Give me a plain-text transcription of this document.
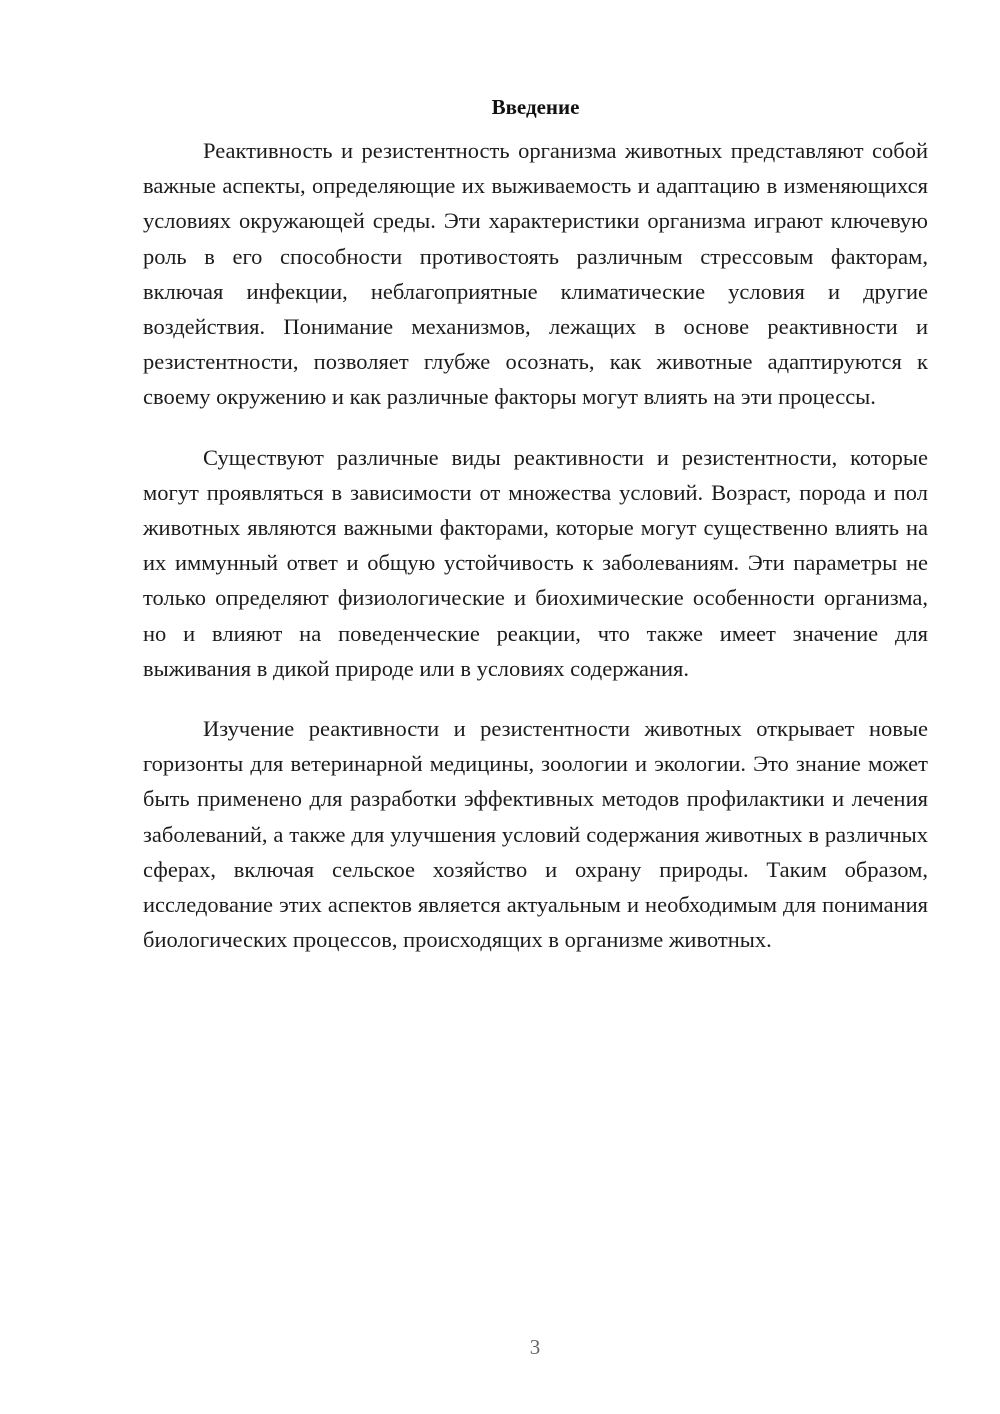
Введение

Реактивность и резистентность организма животных представляют собой важные аспекты, определяющие их выживаемость и адаптацию в изменяющихся условиях окружающей среды. Эти характеристики организма играют ключевую роль в его способности противостоять различным стрессовым факторам, включая инфекции, неблагоприятные климатические условия и другие воздействия. Понимание механизмов, лежащих в основе реактивности и резистентности, позволяет глубже осознать, как животные адаптируются к своему окружению и как различные факторы могут влиять на эти процессы.

Существуют различные виды реактивности и резистентности, которые могут проявляться в зависимости от множества условий. Возраст, порода и пол животных являются важными факторами, которые могут существенно влиять на их иммунный ответ и общую устойчивость к заболеваниям. Эти параметры не только определяют физиологические и биохимические особенности организма, но и влияют на поведенческие реакции, что также имеет значение для выживания в дикой природе или в условиях содержания.

Изучение реактивности и резистентности животных открывает новые горизонты для ветеринарной медицины, зоологии и экологии. Это знание может быть применено для разработки эффективных методов профилактики и лечения заболеваний, а также для улучшения условий содержания животных в различных сферах, включая сельское хозяйство и охрану природы. Таким образом, исследование этих аспектов является актуальным и необходимым для понимания биологических процессов, происходящих в организме животных.

3
